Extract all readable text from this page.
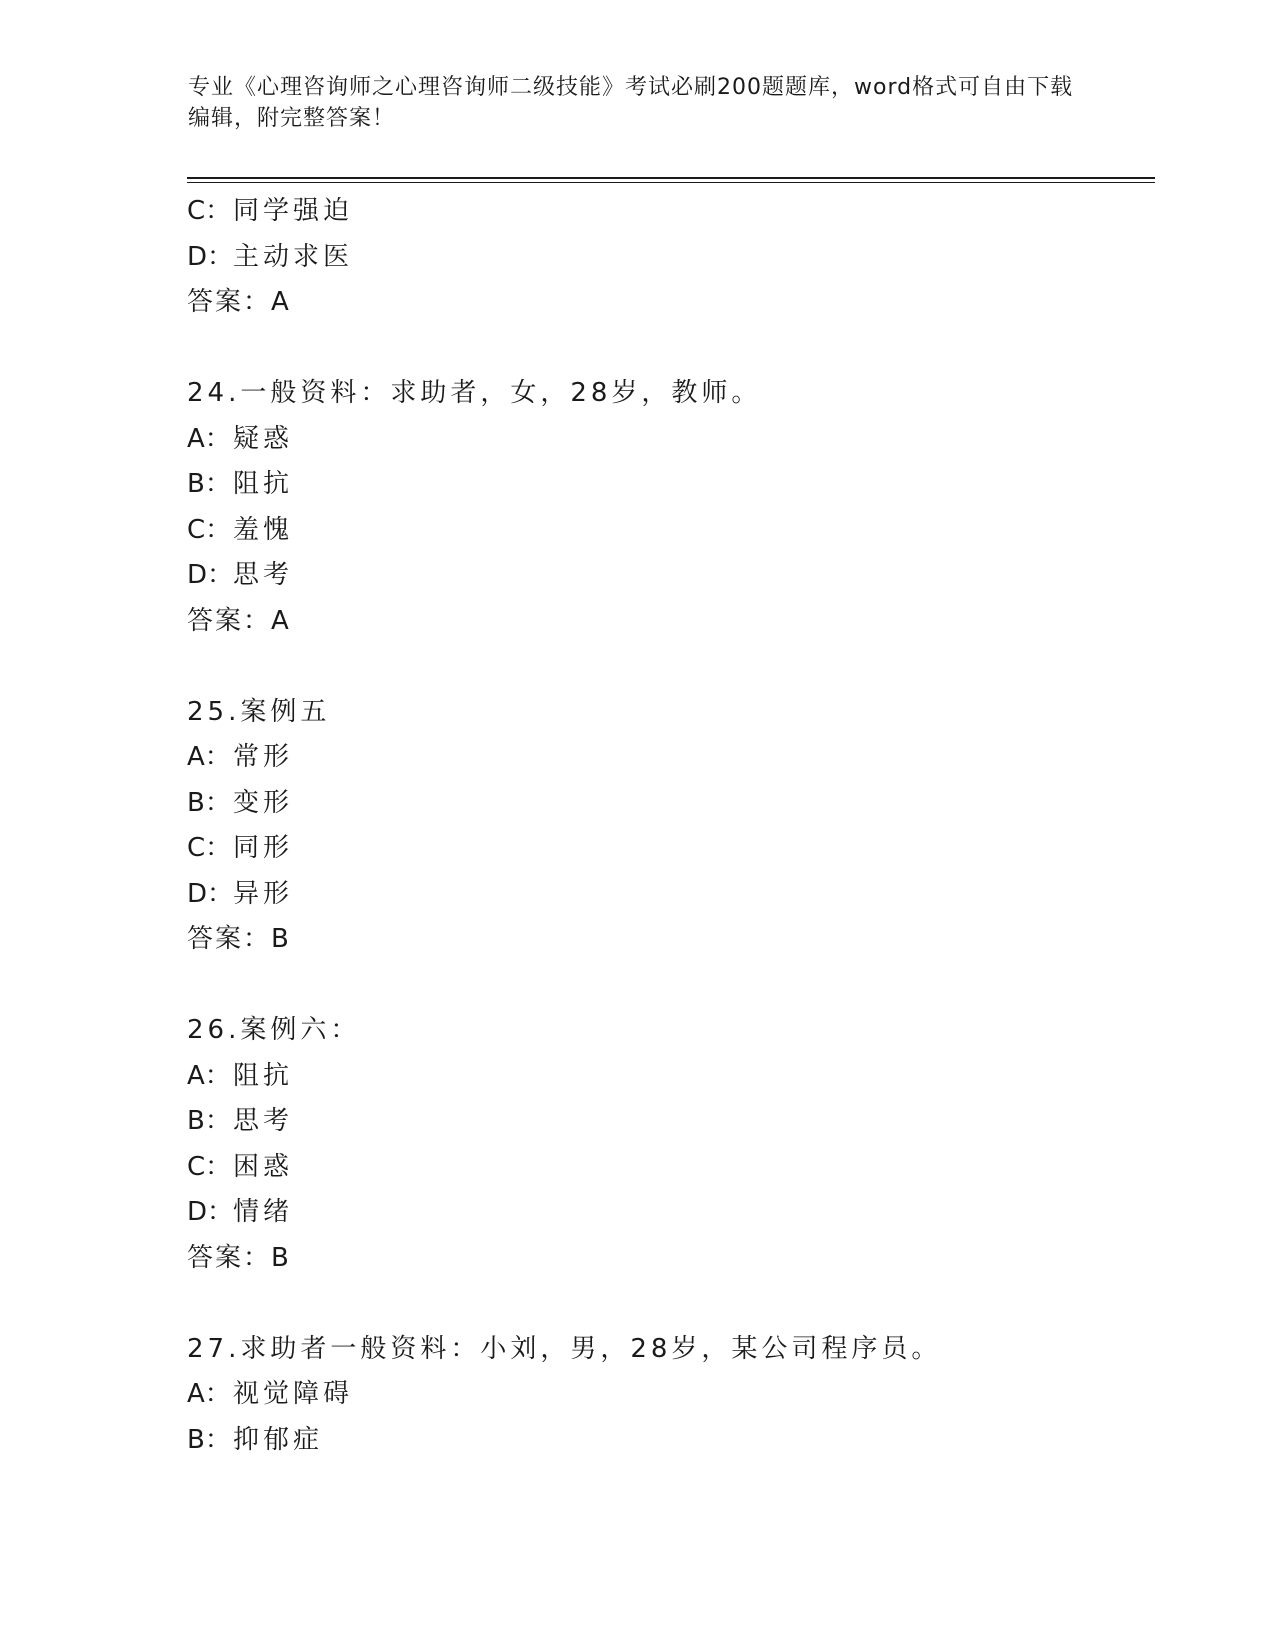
专业《心理咨询师之心理咨询师二级技能》考试必刷200题题库，word格式可自由下载编辑，附完整答案！
C：同学强迫
D：主动求医
答案：A
24.一般资料：求助者，女，28岁，教师。
A：疑惑
B：阻抗
C：羞愧
D：思考
答案：A
25.案例五
A：常形
B：变形
C：同形
D：异形
答案：B
26.案例六：
A：阻抗
B：思考
C：困惑
D：情绪
答案：B
27.求助者一般资料：小刘，男，28岁，某公司程序员。
A：视觉障碍
B：抑郁症
